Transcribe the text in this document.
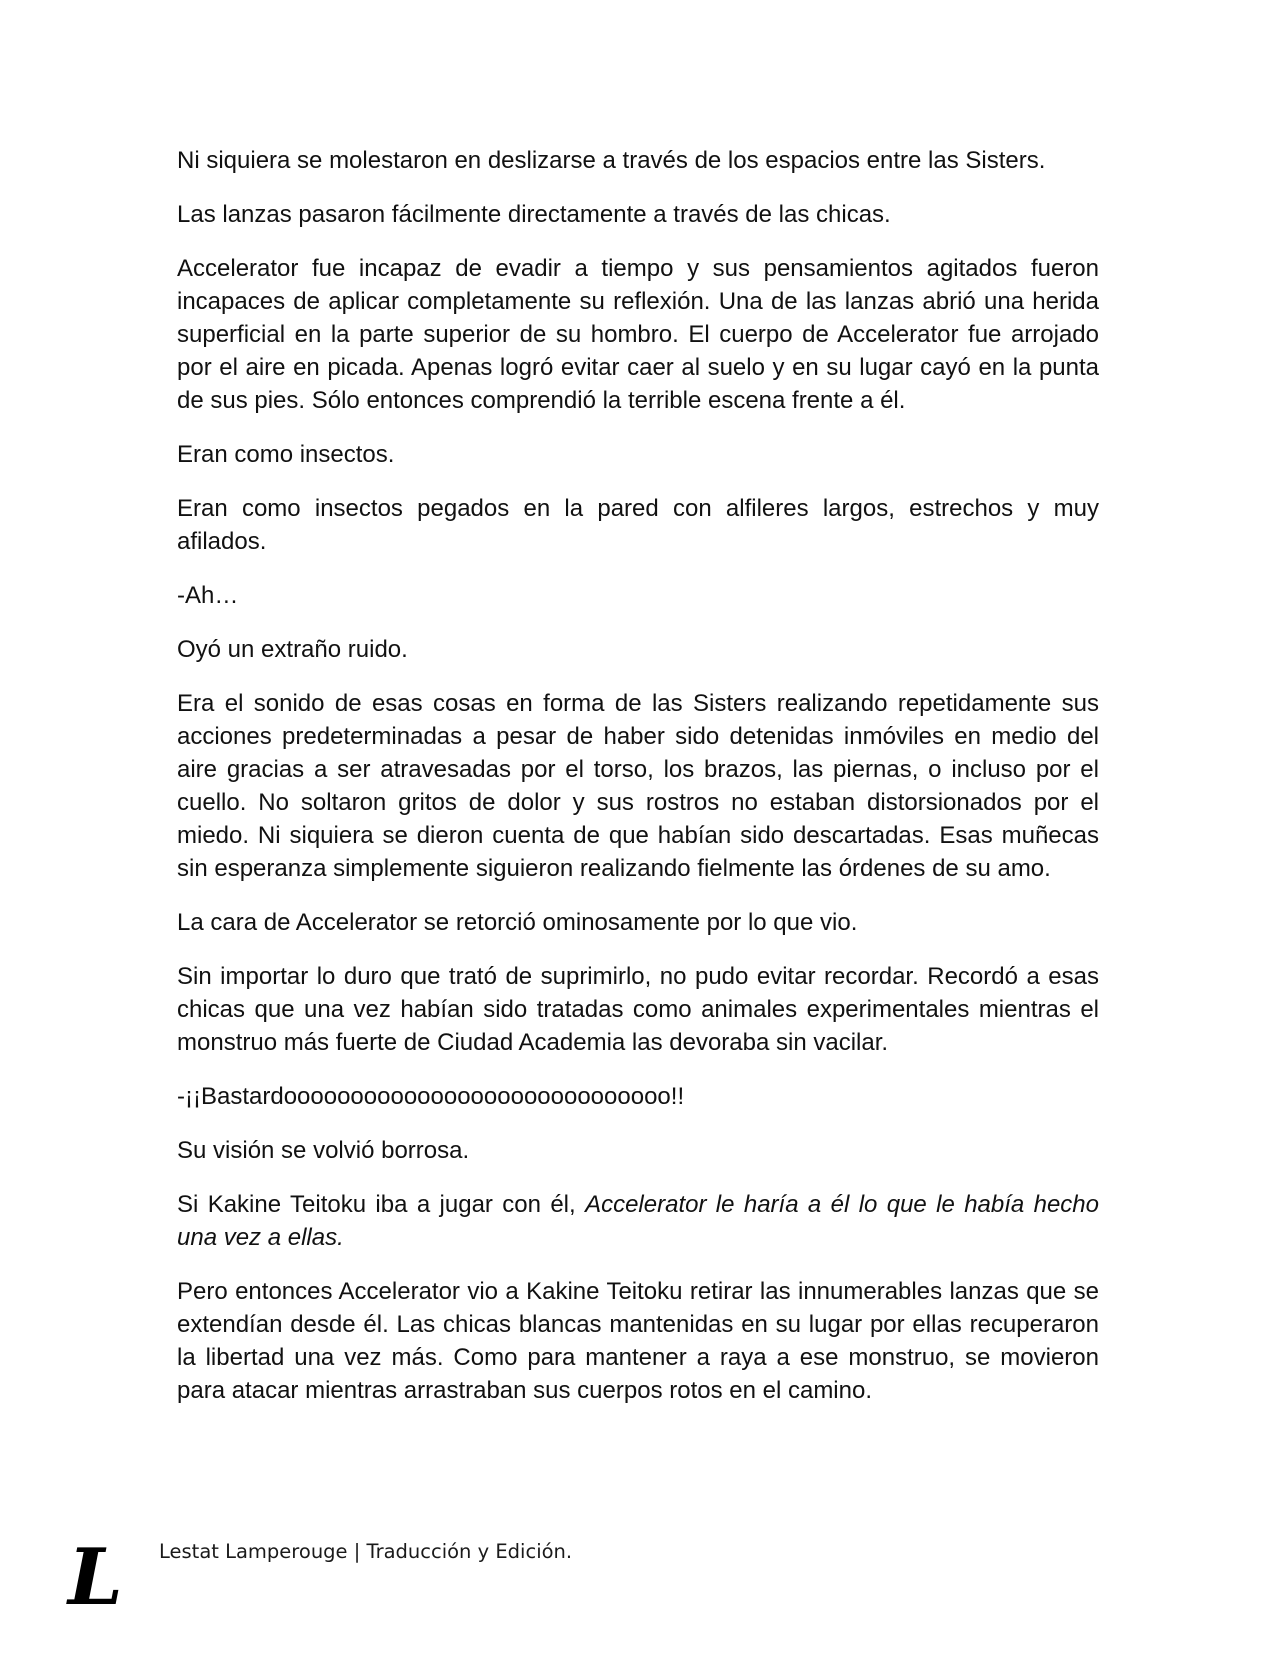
Ni siquiera se molestaron en deslizarse a través de los espacios entre las Sisters.

Las lanzas pasaron fácilmente directamente a través de las chicas.

Accelerator fue incapaz de evadir a tiempo y sus pensamientos agitados fueron incapaces de aplicar completamente su reflexión. Una de las lanzas abrió una herida superficial en la parte superior de su hombro. El cuerpo de Accelerator fue arrojado por el aire en picada. Apenas logró evitar caer al suelo y en su lugar cayó en la punta de sus pies. Sólo entonces comprendió la terrible escena frente a él.

Eran como insectos.

Eran como insectos pegados en la pared con alfileres largos, estrechos y muy afilados.

-Ah…

Oyó un extraño ruido.

Era el sonido de esas cosas en forma de las Sisters realizando repetidamente sus acciones predeterminadas a pesar de haber sido detenidas inmóviles en medio del aire gracias a ser atravesadas por el torso, los brazos, las piernas, o incluso por el cuello. No soltaron gritos de dolor y sus rostros no estaban distorsionados por el miedo. Ni siquiera se dieron cuenta de que habían sido descartadas. Esas muñecas sin esperanza simplemente siguieron realizando fielmente las órdenes de su amo.

La cara de Accelerator se retorció ominosamente por lo que vio.

Sin importar lo duro que trató de suprimirlo, no pudo evitar recordar. Recordó a esas chicas que una vez habían sido tratadas como animales experimentales mientras el monstruo más fuerte de Ciudad Academia las devoraba sin vacilar.

-¡¡Bastardooooooooooooooooooooooooooooo!!

Su visión se volvió borrosa.

Si Kakine Teitoku iba a jugar con él, Accelerator le haría a él lo que le había hecho una vez a ellas.

Pero entonces Accelerator vio a Kakine Teitoku retirar las innumerables lanzas que se extendían desde él. Las chicas blancas mantenidas en su lugar por ellas recuperaron la libertad una vez más. Como para mantener a raya a ese monstruo, se movieron para atacar mientras arrastraban sus cuerpos rotos en el camino.

L Lestat Lamperouge | Traducción y Edición.
